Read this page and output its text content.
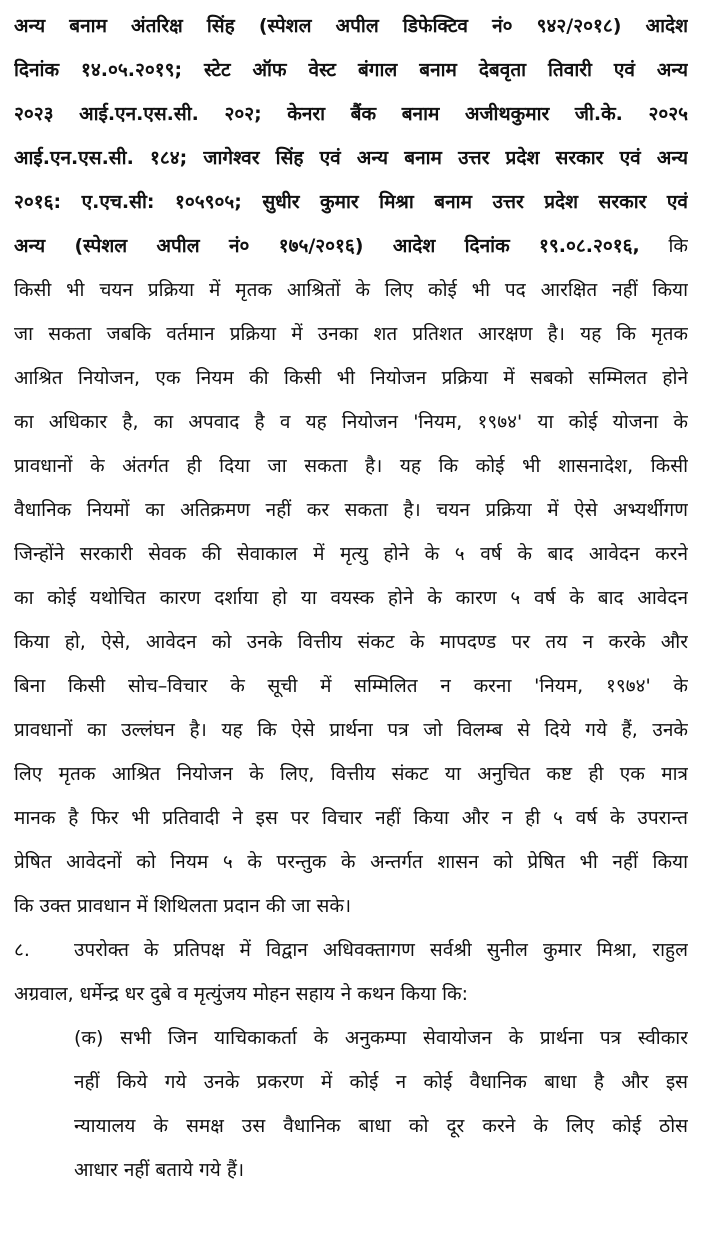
अन्य बनाम अंतरिक्ष सिंह (स्पेशल अपील डिफेक्टिव नं० ९४२/२०१८) आदेश
दिनांक १४.०५.२०१९; स्टेट ऑफ वेस्ट बंगाल बनाम देबवृता तिवारी एवं अन्य
२०२३ आई.एन.एस.सी. २०२; केनरा बैंक बनाम अजीथकुमार जी.के. २०२५
आई.एन.एस.सी. १८४; जागेश्वर सिंह एवं अन्य बनाम उत्तर प्रदेश सरकार एवं अन्य
२०१६: ए.एच.सी: १०५९०५; सुधीर कुमार मिश्रा बनाम उत्तर प्रदेश सरकार एवं
अन्य (स्पेशल अपील नं० १७५/२०१६) आदेश दिनांक १९.०८.२०१६, कि
किसी भी चयन प्रक्रिया में मृतक आश्रितों के लिए कोई भी पद आरक्षित नहीं किया
जा सकता जबकि वर्तमान प्रक्रिया में उनका शत प्रतिशत आरक्षण है। यह कि मृतक
आश्रित नियोजन, एक नियम की किसी भी नियोजन प्रक्रिया में सबको सम्मिलत होने
का अधिकार है, का अपवाद है व यह नियोजन 'नियम, १९७४' या कोई योजना के
प्रावधानों के अंतर्गत ही दिया जा सकता है। यह कि कोई भी शासनादेश, किसी
वैधानिक नियमों का अतिक्रमण नहीं कर सकता है। चयन प्रक्रिया में ऐसे अभ्यर्थीगण
जिन्होंने सरकारी सेवक की सेवाकाल में मृत्यु होने के ५ वर्ष के बाद आवेदन करने
का कोई यथोचित कारण दर्शाया हो या वयस्क होने के कारण ५ वर्ष के बाद आवेदन
किया हो, ऐसे, आवेदन को उनके वित्तीय संकट के मापदण्ड पर तय न करके और
बिना किसी सोच–विचार के सूची में सम्मिलित न करना 'नियम, १९७४' के
प्रावधानों का उल्लंघन है। यह कि ऐसे प्रार्थना पत्र जो विलम्ब से दिये गये हैं, उनके
लिए मृतक आश्रित नियोजन के लिए, वित्तीय संकट या अनुचित कष्ट ही एक मात्र
मानक है फिर भी प्रतिवादी ने इस पर विचार नहीं किया और न ही ५ वर्ष के उपरान्त
प्रेषित आवेदनों को नियम ५ के परन्तुक के अन्तर्गत शासन को प्रेषित भी नहीं किया
कि उक्त प्रावधान में शिथिलता प्रदान की जा सके।
८. उपरोक्त के प्रतिपक्ष में विद्वान अधिवक्तागण सर्वश्री सुनील कुमार मिश्रा, राहुल
अग्रवाल, धर्मेन्द्र धर दुबे व मृत्युंजय मोहन सहाय ने कथन किया कि:
(क) सभी जिन याचिकाकर्ता के अनुकम्पा सेवायोजन के प्रार्थना पत्र स्वीकार
नहीं किये गये उनके प्रकरण में कोई न कोई वैधानिक बाधा है और इस
न्यायालय के समक्ष उस वैधानिक बाधा को दूर करने के लिए कोई ठोस
आधार नहीं बताये गये हैं।
